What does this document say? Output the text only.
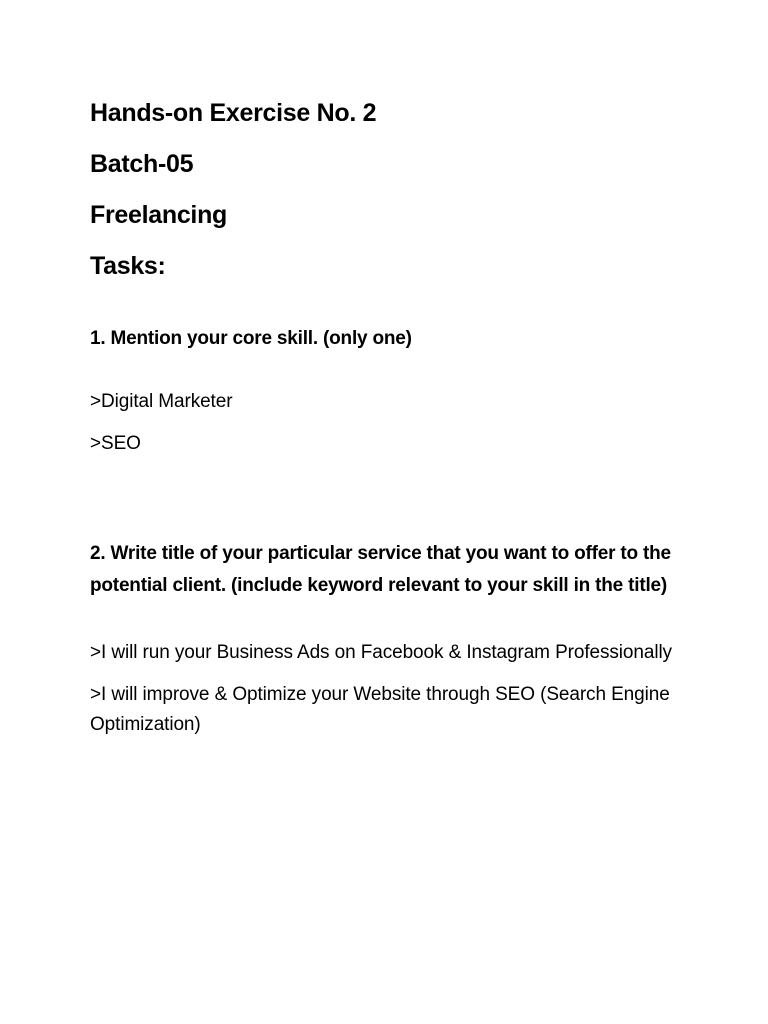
Hands-on Exercise No. 2
Batch-05
Freelancing
Tasks:

1. Mention your core skill. (only one)

>Digital Marketer

>SEO

2. Write title of your particular service that you want to offer to the potential client. (include keyword relevant to your skill in the title)

>I will run your Business Ads on Facebook & Instagram Professionally

>I will improve & Optimize your Website through SEO (Search Engine Optimization)
